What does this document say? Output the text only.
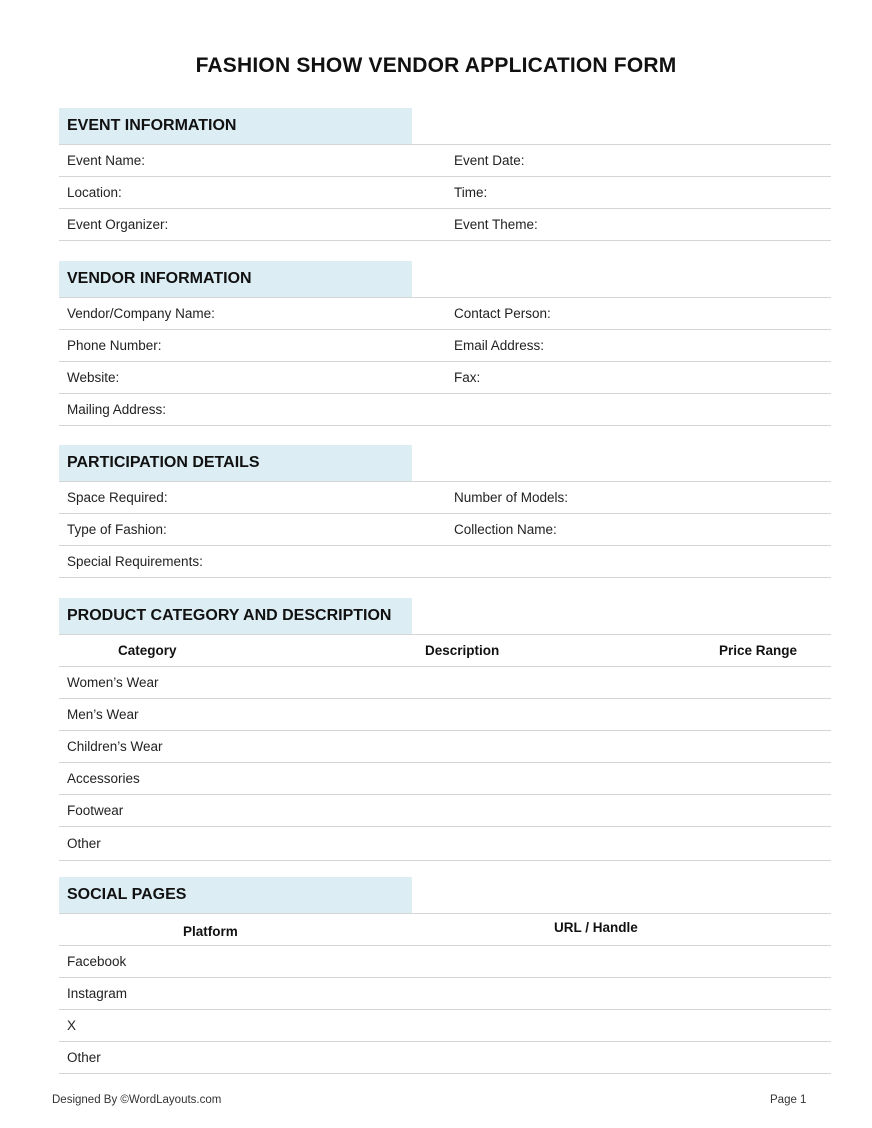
FASHION SHOW VENDOR APPLICATION FORM
EVENT INFORMATION
Event Name:	Event Date:
Location:	Time:
Event Organizer:	Event Theme:
VENDOR INFORMATION
Vendor/Company Name:	Contact Person:
Phone Number:	Email Address:
Website:	Fax:
Mailing Address:
PARTICIPATION DETAILS
Space Required:	Number of Models:
Type of Fashion:	Collection Name:
Special Requirements:
PRODUCT CATEGORY AND DESCRIPTION
Category	Description	Price Range
Women’s Wear
Men’s Wear
Children’s Wear
Accessories
Footwear
Other
SOCIAL PAGES
Platform	URL / Handle
Facebook
Instagram
X
Other
Designed By ©WordLayouts.com	Page 1
